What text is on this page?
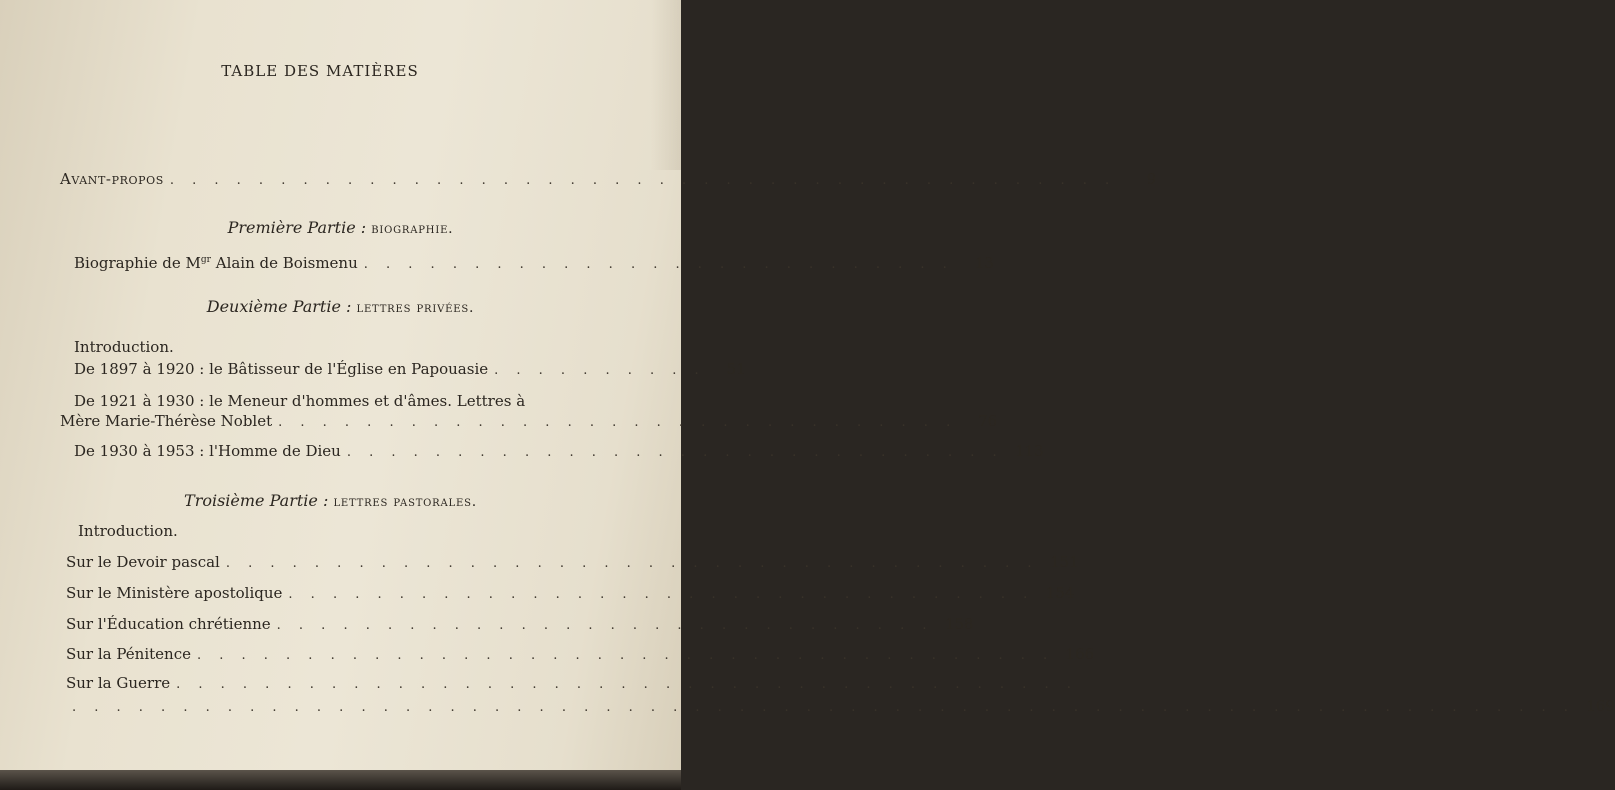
TABLE DES MATIÈRES
Avant-propos . . . . . . . . . . . . . . . . . . . . . . . . . . . . . . . . . . . . . . . . . . .	9
Première Partie : biographie.
Biographie de $M^{gr}$ Alain de Boismenu . . . . . . . . . . . . . . . . . . . . . . . . . . .	13
Deuxième Partie : lettres privées.
Introduction.
De 1897 à 1920 : le Bâtisseur de l'Église en Papouasie . . . . . . . . . .	51
De 1921 à 1930 : le Meneur d'hommes et d'âmes. Lettres à
Mère Marie-Thérèse Noblet . . . . . . . . . . . . . . . . . . . . . . . . . . . . . . .	76
De 1930 à 1953 : l'Homme de Dieu . . . . . . . . . . . . . . . . . . . . . . . . . . . . . . 113
Troisième Partie : lettres pastorales.
Introduction.
Sur le Devoir pascal . . . . . . . . . . . . . . . . . . . . . . . . . . . . . . . . . . . . . 151
Sur le Ministère apostolique . . . . . . . . . . . . . . . . . . . . . . . . . . . . . . . . . . 154
Sur l'Éducation chrétienne . . . . . . . . . . . . . . . . . . . . . . . . . . . . . . 158
Sur la Pénitence . . . . . . . . . . . . . . . . . . . . . . . . . . . . . . . . . . . . . . . 166
Sur la Guerre . . . . . . . . . . . . . . . . . . . . . . . . . . . . . . . . . . . . . . . . .
. . . . . . . . . . . . . . . . . . . . . . . . . . . . . . . . . . . . . . . . . . . . . . . . . . . . . . . . . . . . . . . . . . . . 169
